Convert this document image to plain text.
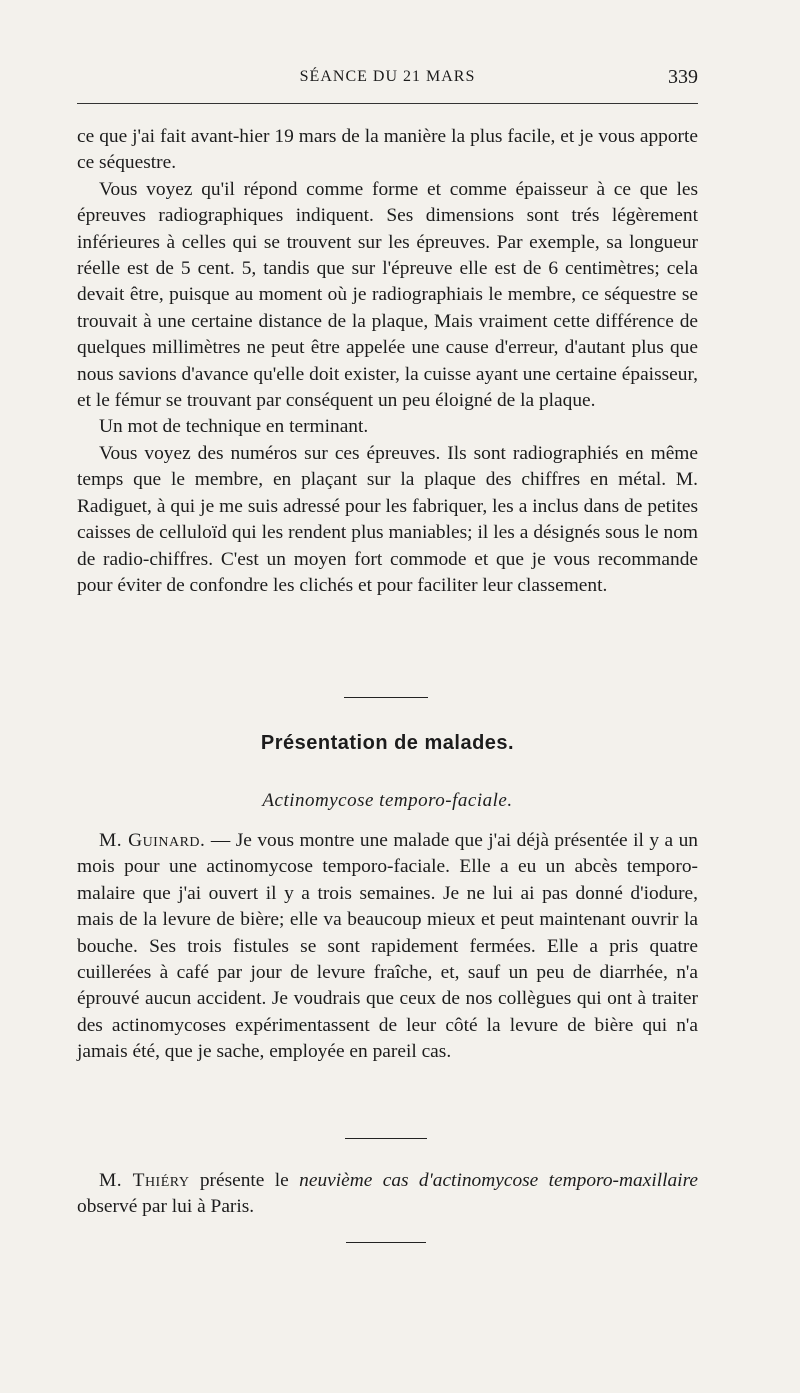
SÉANCE DU 21 MARS	339

ce que j'ai fait avant-hier 19 mars de la manière la plus facile, et je vous apporte ce séquestre.

Vous voyez qu'il répond comme forme et comme épaisseur à ce que les épreuves radiographiques indiquent. Ses dimensions sont trés légèrement inférieures à celles qui se trouvent sur les épreuves. Par exemple, sa longueur réelle est de 5 cent. 5, tandis que sur l'épreuve elle est de 6 centimètres; cela devait être, puisque au moment où je radiographiais le membre, ce séquestre se trouvait à une certaine distance de la plaque, Mais vraiment cette différence de quelques millimètres ne peut être appelée une cause d'erreur, d'autant plus que nous savions d'avance qu'elle doit exister, la cuisse ayant une certaine épaisseur, et le fémur se trouvant par conséquent un peu éloigné de la plaque.

Un mot de technique en terminant.

Vous voyez des numéros sur ces épreuves. Ils sont radiographiés en même temps que le membre, en plaçant sur la plaque des chiffres en métal. M. Radiguet, à qui je me suis adressé pour les fabriquer, les a inclus dans de petites caisses de celluloïd qui les rendent plus maniables; il les a désignés sous le nom de radio-chiffres. C'est un moyen fort commode et que je vous recommande pour éviter de confondre les clichés et pour faciliter leur classement.

Présentation de malades.
Actinomycose temporo-faciale.

M. Guinard. — Je vous montre une malade que j'ai déjà présentée il y a un mois pour une actinomycose temporo-faciale. Elle a eu un abcès temporo-malaire que j'ai ouvert il y a trois semaines. Je ne lui ai pas donné d'iodure, mais de la levure de bière; elle va beaucoup mieux et peut maintenant ouvrir la bouche. Ses trois fistules se sont rapidement fermées. Elle a pris quatre cuillerées à café par jour de levure fraîche, et, sauf un peu de diarrhée, n'a éprouvé aucun accident. Je voudrais que ceux de nos collègues qui ont à traiter des actinomycoses expérimentassent de leur côté la levure de bière qui n'a jamais été, que je sache, employée en pareil cas.

M. Thiéry présente le neuvième cas d'actinomycose temporo-maxillaire observé par lui à Paris.
